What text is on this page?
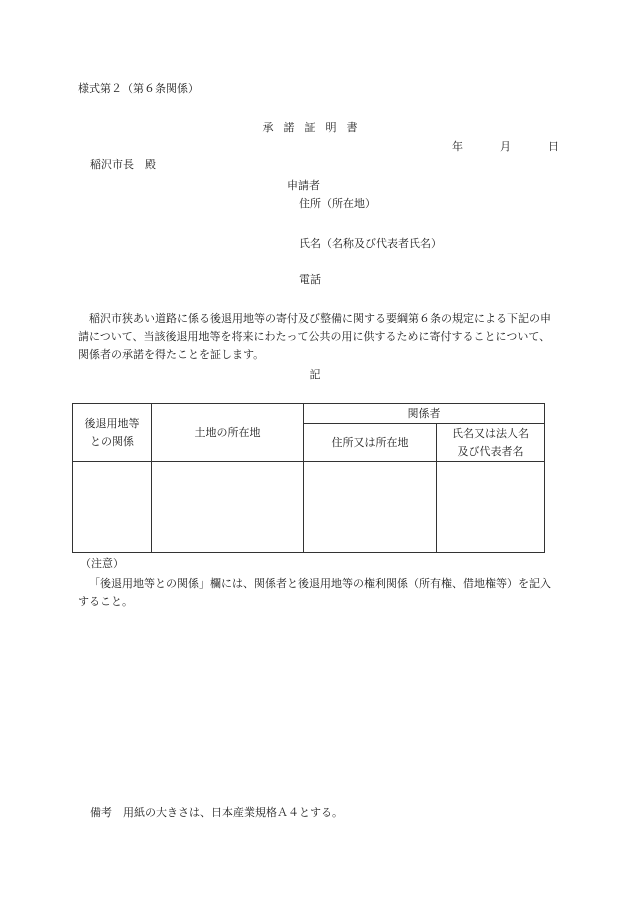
様式第２（第６条関係）
承諾証明書
年	月	日
稲沢市長　殿
申請者
住所（所在地）
氏名（名称及び代表者氏名）
電話
稲沢市狭あい道路に係る後退用地等の寄付及び整備に関する要綱第６条の規定による下記の申請について、当該後退用地等を将来にわたって公共の用に供するために寄付することについて、関係者の承諾を得たことを証します。
記
後退用地等
との関係	土地の所在地	関係者	
		住所又は所在地	氏名又は法人名
及び代表者名

（注意）
「後退用地等との関係」欄には、関係者と後退用地等の権利関係（所有権、借地権等）を記入すること。
備考　用紙の大きさは、日本産業規格Ａ４とする。
